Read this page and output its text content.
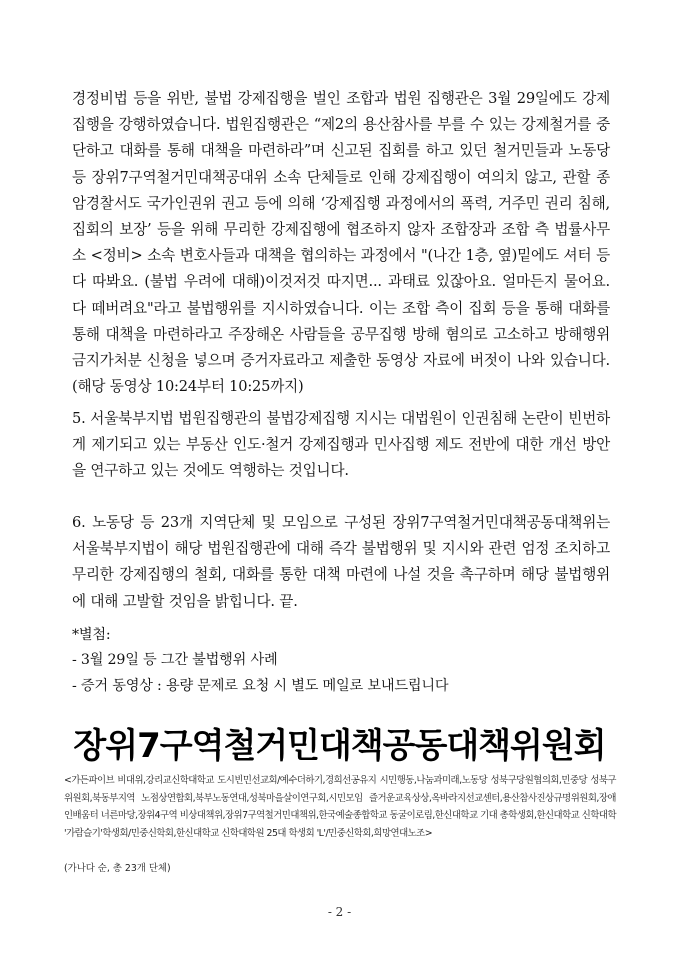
경정비법 등을 위반, 불법 강제집행을 벌인 조합과 법원 집행관은 3월 29일에도 강제집행을 강행하였습니다. 법원집행관은 “제2의 용산참사를 부를 수 있는 강제철거를 중단하고 대화를 통해 대책을 마련하라”며 신고된 집회를 하고 있던 철거민들과 노동당 등 장위7구역철거민대책공대위 소속 단체들로 인해 강제집행이 여의치 않고, 관할 종암경찰서도 국가인권위 권고 등에 의해 ‘강제집행 과정에서의 폭력, 거주민 권리 침해, 집회의 보장’ 등을 위해 무리한 강제집행에 협조하지 않자 조합장과 조합 측 법률사무소 <정비> 소속 변호사들과 대책을 협의하는 과정에서 "(나간 1층, 옆)밑에도 셔터 등 다 따봐요. (불법 우려에 대해)이것저것 따지면... 과태료 있잖아요. 얼마든지 물어요. 다 떼버려요"라고 불법행위를 지시하였습니다. 이는 조합 측이 집회 등을 통해 대화를 통해 대책을 마련하라고 주장해온 사람들을 공무집행 방해 혐의로 고소하고 방해행위금지가처분 신청을 넣으며 증거자료라고 제출한 동영상 자료에 버젓이 나와 있습니다. (해당 동영상 10:24부터 10:25까지)

5. 서울북부지법 법원집행관의 불법강제집행 지시는 대법원이 인권침해 논란이 빈번하게 제기되고 있는 부동산 인도·철거 강제집행과 민사집행 제도 전반에 대한 개선 방안을 연구하고 있는 것에도 역행하는 것입니다.

6. 노동당 등 23개 지역단체 및 모임으로 구성된 장위7구역철거민대책공동대책위는 서울북부지법이 해당 법원집행관에 대해 즉각 불법행위 및 지시와 관련 엄정 조치하고 무리한 강제집행의 철회, 대화를 통한 대책 마련에 나설 것을 촉구하며 해당 불법행위에 대해 고발할 것임을 밝힙니다. 끝.

*별첨:
- 3월 29일 등 그간 불법행위 사례
- 증거 동영상 : 용량 문제로 요청 시 별도 메일로 보내드립니다
장위7구역철거민대책공동대책위원회

<가든파이브 비대위,강리교신학대학교 도시빈민선교회/예수더하기,경희선공유지 시민행동,나눔과미래,노동당 성북구당원협의회,민중당 성북구위원회,북동부지역 노점상연합회,북부노동연대,성북마을살이연구회,시민모임 즐거운교육상상,옥바라지선교센터,용산참사진상규명위원회,장애인배움터 너른마당,장위4구역 비상대책위,장위7구역철거민대책위,한국예술종합학교 동굴이로림,한신대학교 기대 총학생회,한신대학교 신학대학 '가람슬기'학생회/민중신학회,한신대학교 신학대학원 25대 학생회 'L'/민중신학회,희망연대노조>

(가나다 순, 총 23개 단체)
- 2 -
